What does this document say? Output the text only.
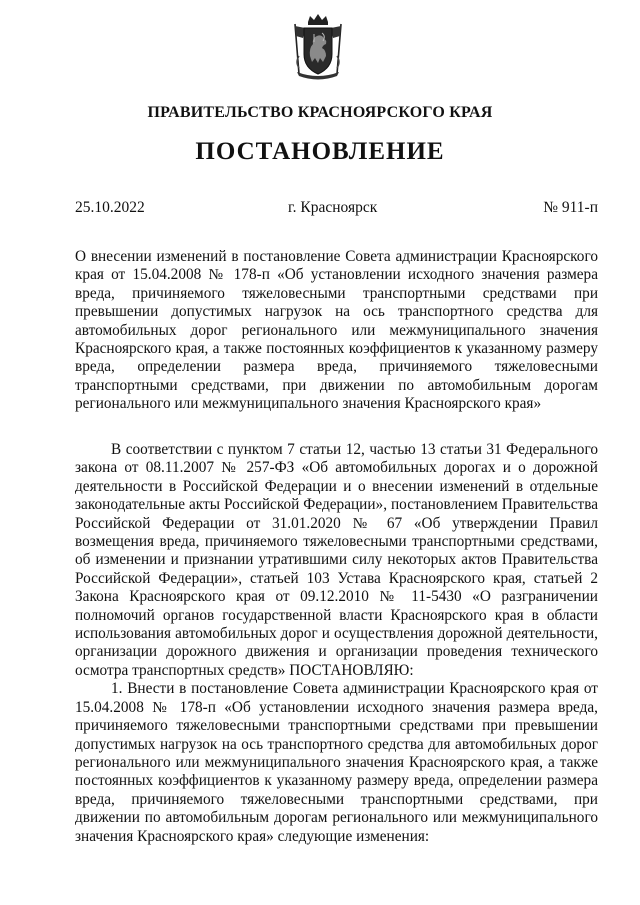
ПРАВИТЕЛЬСТВО КРАСНОЯРСКОГО КРАЯ
ПОСТАНОВЛЕНИЕ
25.10.2022	г. Красноярск	№ 911-п
О внесении изменений в постановление Совета администрации Красноярского края от 15.04.2008 № 178-п «Об установлении исходного значения размера вреда, причиняемого тяжеловесными транспортными средствами при превышении допустимых нагрузок на ось транспортного средства для автомобильных дорог регионального или межмуниципального значения Красноярского края, а также постоянных коэффициентов к указанному размеру вреда, определении размера вреда, причиняемого тяжеловесными транспортными средствами, при движении по автомобильным дорогам регионального или межмуниципального значения Красноярского края»

В соответствии с пунктом 7 статьи 12, частью 13 статьи 31 Федерального закона от 08.11.2007 № 257-ФЗ «Об автомобильных дорогах и о дорожной деятельности в Российской Федерации и о внесении изменений в отдельные законодательные акты Российской Федерации», постановлением Правительства Российской Федерации от 31.01.2020 № 67 «Об утверждении Правил возмещения вреда, причиняемого тяжеловесными транспортными средствами, об изменении и признании утратившими силу некоторых актов Правительства Российской Федерации», статьей 103 Устава Красноярского края, статьей 2 Закона Красноярского края от 09.12.2010 № 11-5430 «О разграничении полномочий органов государственной власти Красноярского края в области использования автомобильных дорог и осуществления дорожной деятельности, организации дорожного движения и организации проведения технического осмотра транспортных средств» ПОСТАНОВЛЯЮ:

1. Внести в постановление Совета администрации Красноярского края от 15.04.2008 № 178-п «Об установлении исходного значения размера вреда, причиняемого тяжеловесными транспортными средствами при превышении допустимых нагрузок на ось транспортного средства для автомобильных дорог регионального или межмуниципального значения Красноярского края, а также постоянных коэффициентов к указанному размеру вреда, определении размера вреда, причиняемого тяжеловесными транспортными средствами, при движении по автомобильным дорогам регионального или межмуниципального значения Красноярского края» следующие изменения:
